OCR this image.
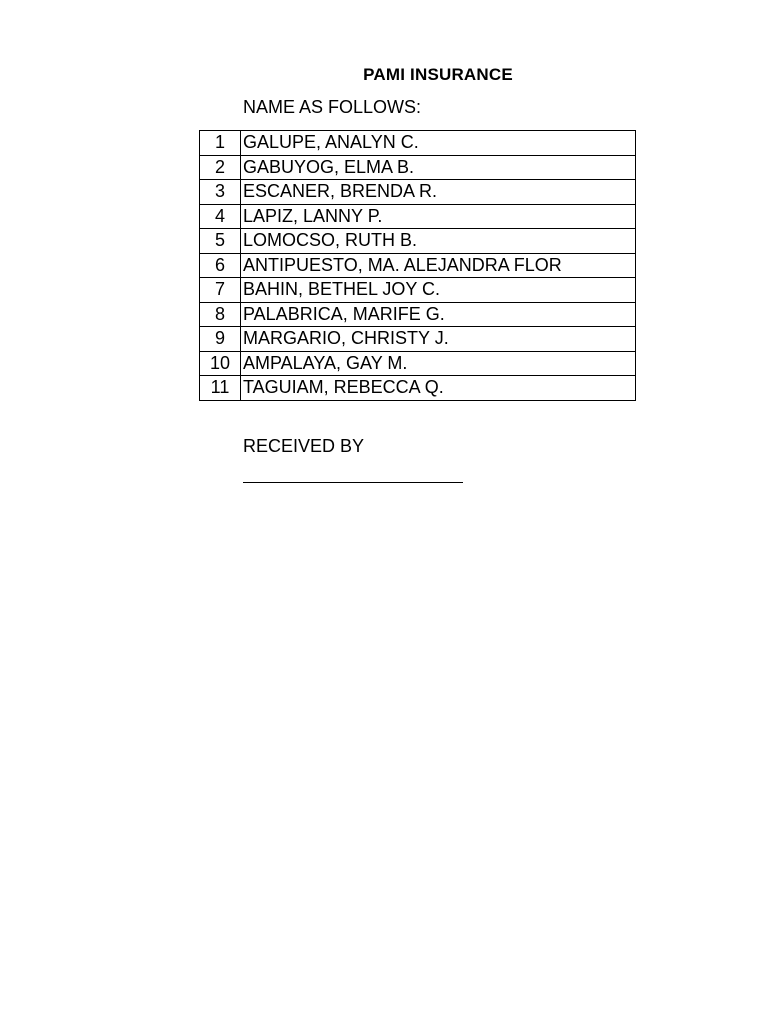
PAMI INSURANCE
NAME AS FOLLOWS:
1	GALUPE, ANALYN C.
2	GABUYOG, ELMA B.
3	ESCANER, BRENDA R.
4	LAPIZ, LANNY P.
5	LOMOCSO, RUTH B.
6	ANTIPUESTO, MA. ALEJANDRA FLOR
7	BAHIN, BETHEL JOY C.
8	PALABRICA, MARIFE G.
9	MARGARIO, CHRISTY J.
10	AMPALAYA, GAY M.
11	TAGUIAM, REBECCA Q.
RECEIVED BY
